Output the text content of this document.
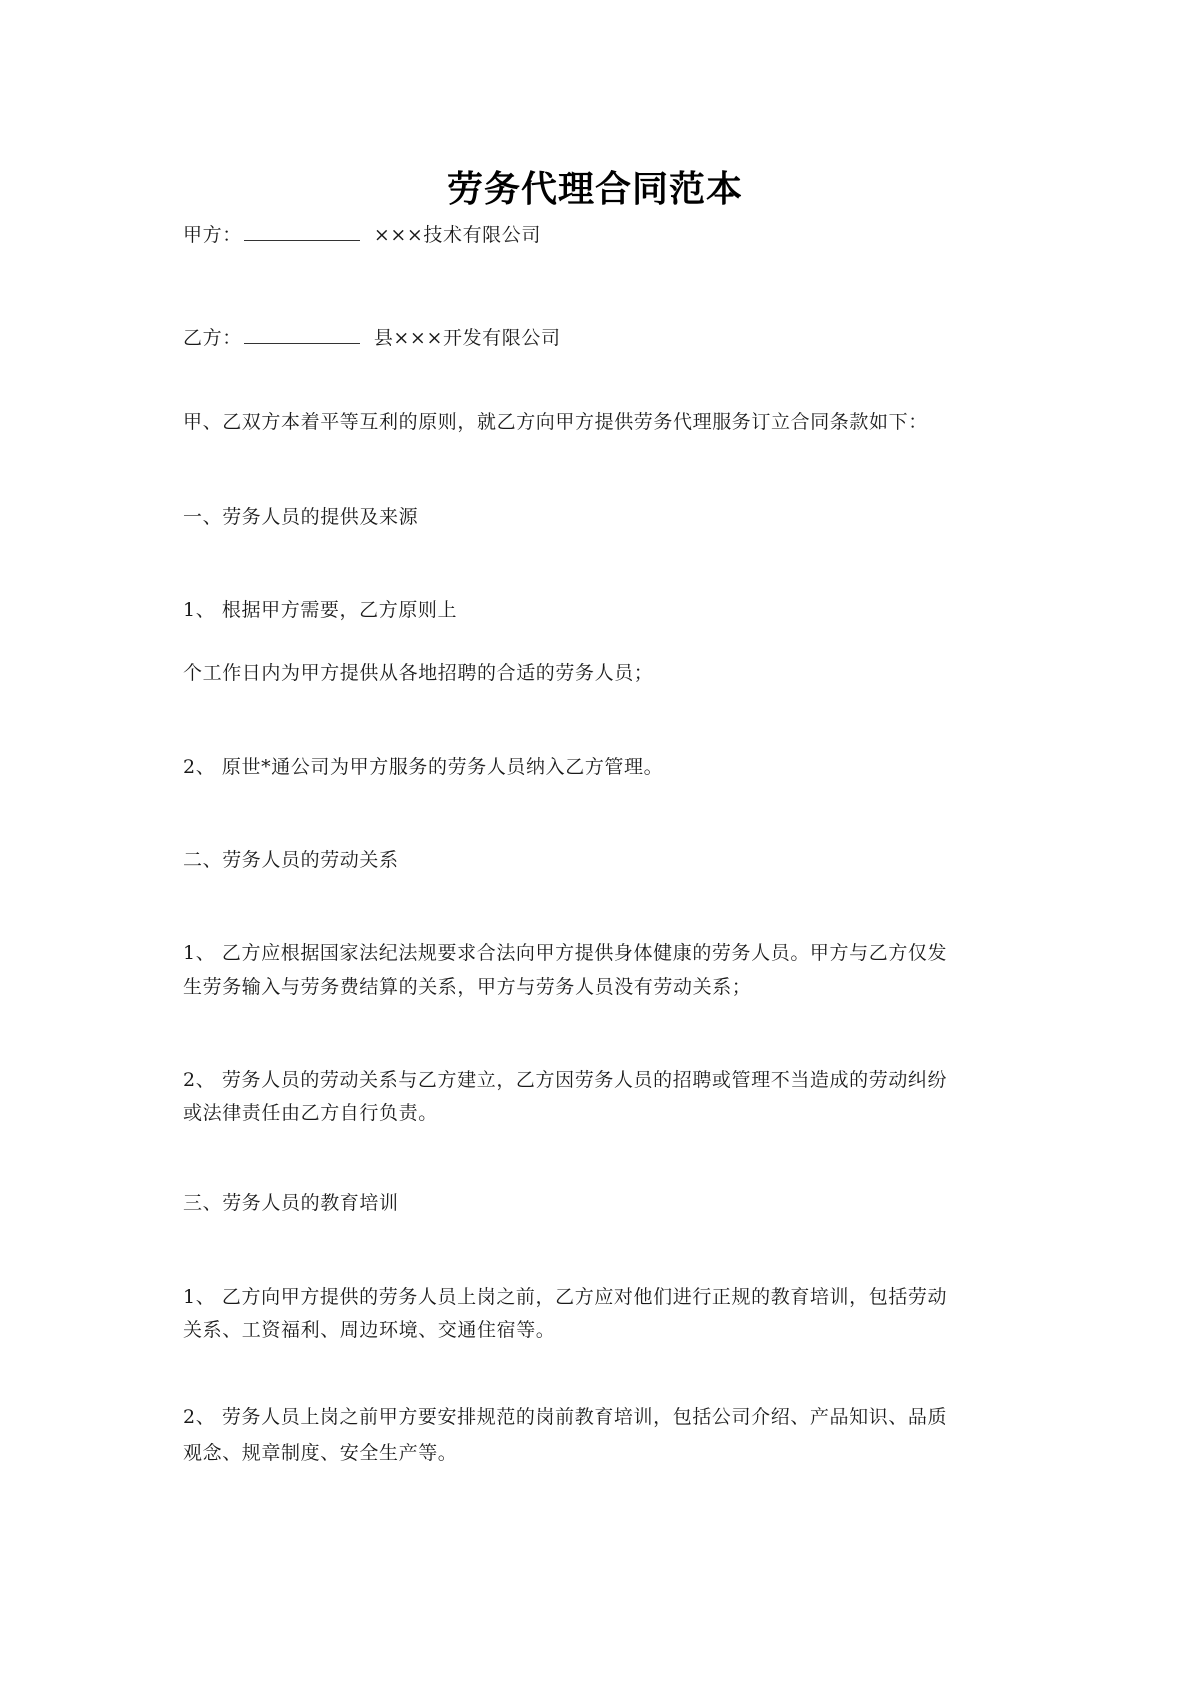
劳务代理合同范本
甲方：	×××技术有限公司
乙方：	县×××开发有限公司
甲、乙双方本着平等互利的原则，就乙方向甲方提供劳务代理服务订立合同条款如下：
一、劳务人员的提供及来源
1、 根据甲方需要，乙方原则上
个工作日内为甲方提供从各地招聘的合适的劳务人员；
2、 原世*通公司为甲方服务的劳务人员纳入乙方管理。
二、劳务人员的劳动关系
1、 乙方应根据国家法纪法规要求合法向甲方提供身体健康的劳务人员。甲方与乙方仅发
生劳务输入与劳务费结算的关系，甲方与劳务人员没有劳动关系；
2、 劳务人员的劳动关系与乙方建立，乙方因劳务人员的招聘或管理不当造成的劳动纠纷
或法律责任由乙方自行负责。
三、劳务人员的教育培训
1、 乙方向甲方提供的劳务人员上岗之前，乙方应对他们进行正规的教育培训，包括劳动
关系、工资福利、周边环境、交通住宿等。
2、 劳务人员上岗之前甲方要安排规范的岗前教育培训，包括公司介绍、产品知识、品质
观念、规章制度、安全生产等。
